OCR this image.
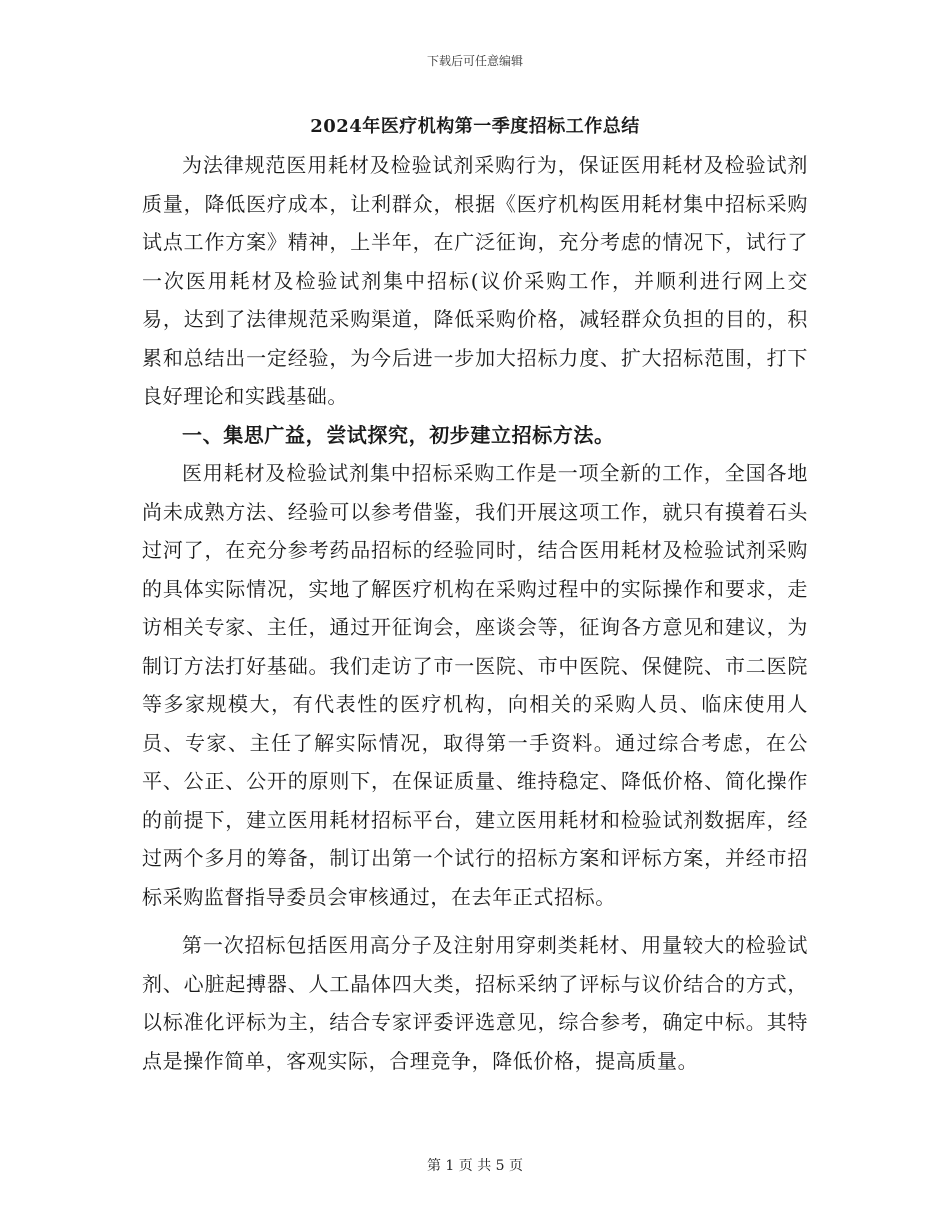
下载后可任意编辑
2024年医疗机构第一季度招标工作总结

为法律规范医用耗材及检验试剂采购行为，保证医用耗材及检验试剂质量，降低医疗成本，让利群众，根据《医疗机构医用耗材集中招标采购试点工作方案》精神，上半年，在广泛征询，充分考虑的情况下，试行了一次医用耗材及检验试剂集中招标(议价采购工作，并顺利进行网上交易，达到了法律规范采购渠道，降低采购价格，减轻群众负担的目的，积累和总结出一定经验，为今后进一步加大招标力度、扩大招标范围，打下良好理论和实践基础。

一、集思广益，尝试探究，初步建立招标方法。

医用耗材及检验试剂集中招标采购工作是一项全新的工作，全国各地尚未成熟方法、经验可以参考借鉴，我们开展这项工作，就只有摸着石头过河了，在充分参考药品招标的经验同时，结合医用耗材及检验试剂采购的具体实际情况，实地了解医疗机构在采购过程中的实际操作和要求，走访相关专家、主任，通过开征询会，座谈会等，征询各方意见和建议，为制订方法打好基础。我们走访了市一医院、市中医院、保健院、市二医院等多家规模大，有代表性的医疗机构，向相关的采购人员、临床使用人员、专家、主任了解实际情况，取得第一手资料。通过综合考虑，在公平、公正、公开的原则下，在保证质量、维持稳定、降低价格、简化操作的前提下，建立医用耗材招标平台，建立医用耗材和检验试剂数据库，经过两个多月的筹备，制订出第一个试行的招标方案和评标方案，并经市招标采购监督指导委员会审核通过，在去年正式招标。

第一次招标包括医用高分子及注射用穿刺类耗材、用量较大的检验试剂、心脏起搏器、人工晶体四大类，招标采纳了评标与议价结合的方式，以标准化评标为主，结合专家评委评选意见，综合参考，确定中标。其特点是操作简单，客观实际，合理竞争，降低价格，提高质量。

第 1 页 共 5 页
